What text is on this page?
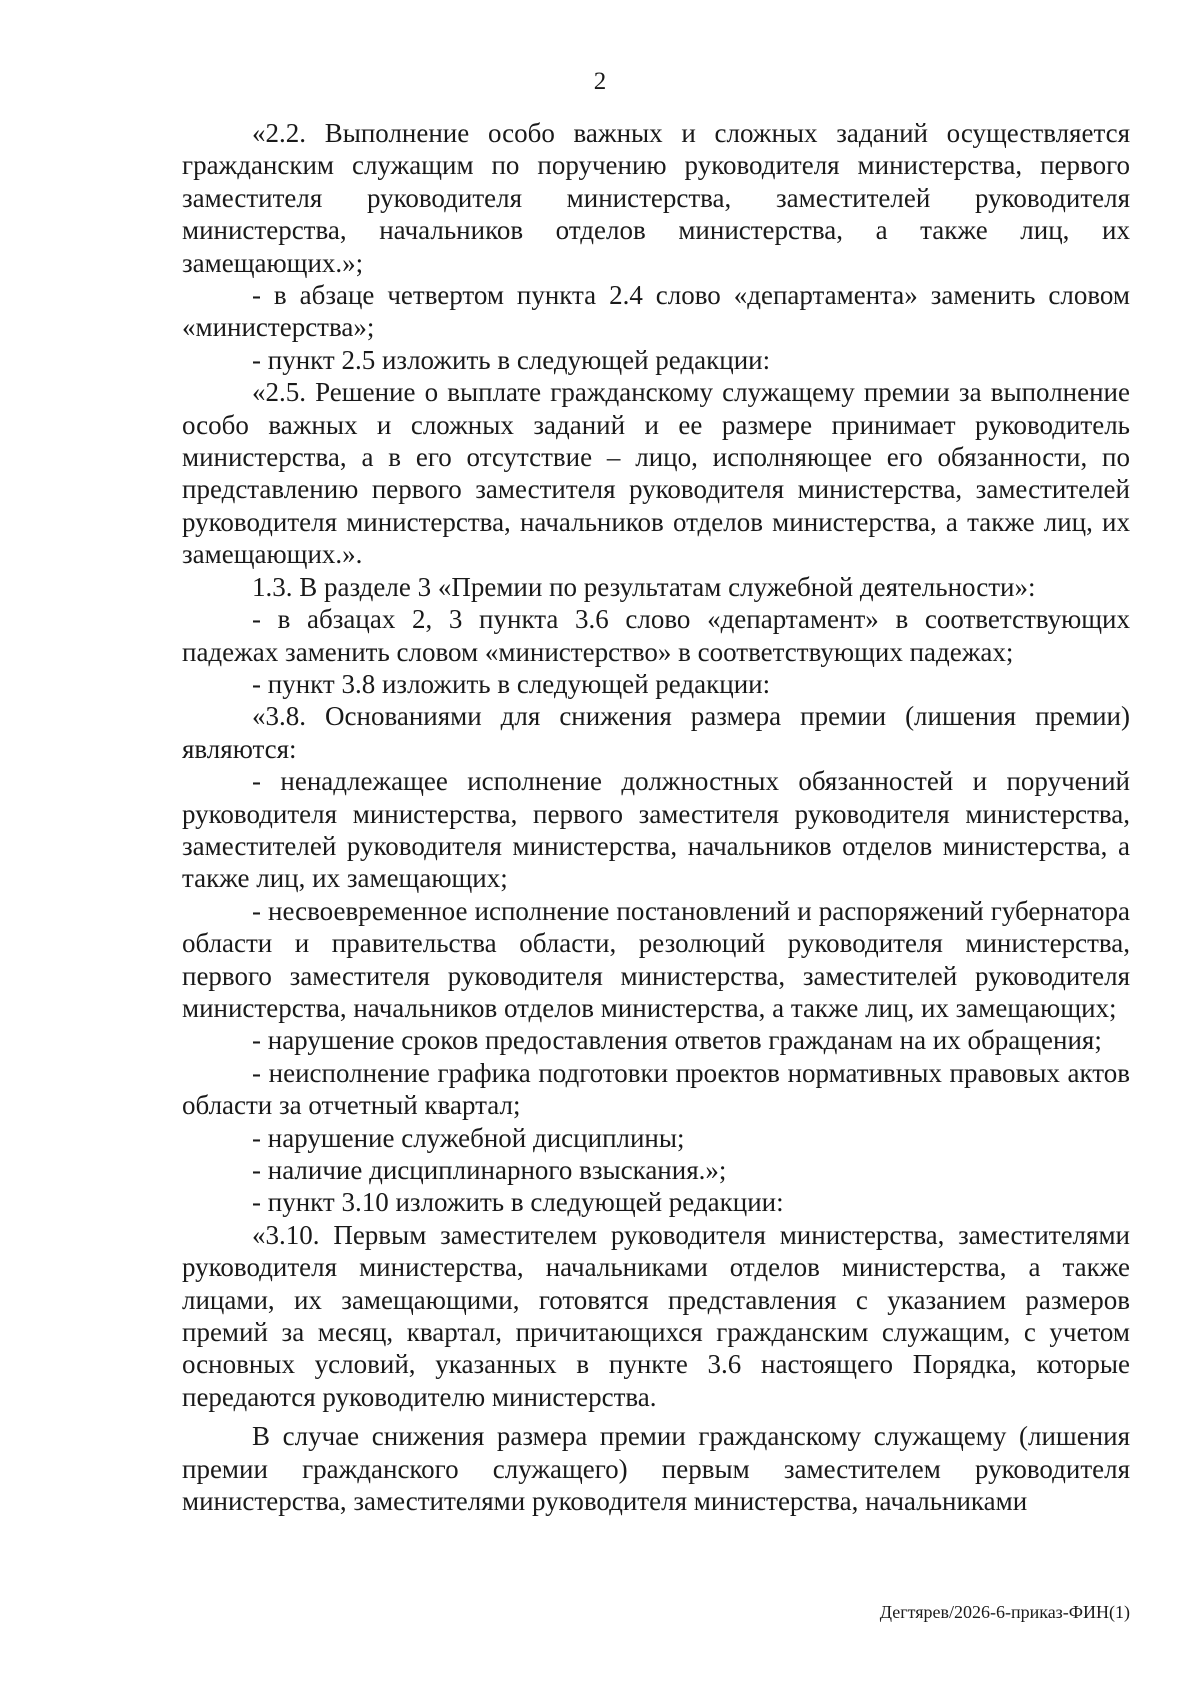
2

«2.2. Выполнение особо важных и сложных заданий осуществляется гражданским служащим по поручению руководителя министерства, первого заместителя руководителя министерства, заместителей руководителя министерства, начальников отделов министерства, а также лиц, их замещающих.»;

- в абзаце четвертом пункта 2.4 слово «департамента» заменить словом «министерства»;

- пункт 2.5 изложить в следующей редакции:

«2.5. Решение о выплате гражданскому служащему премии за выполнение особо важных и сложных заданий и ее размере принимает руководитель министерства, а в его отсутствие – лицо, исполняющее его обязанности, по представлению первого заместителя руководителя министерства, заместителей руководителя министерства, начальников отделов министерства, а также лиц, их замещающих.».

1.3. В разделе 3 «Премии по результатам служебной деятельности»:

- в абзацах 2, 3 пункта 3.6 слово «департамент» в соответствующих падежах заменить словом «министерство» в соответствующих падежах;

- пункт 3.8 изложить в следующей редакции:

«3.8. Основаниями для снижения размера премии (лишения премии) являются:

- ненадлежащее исполнение должностных обязанностей и поручений руководителя министерства, первого заместителя руководителя министерства, заместителей руководителя министерства, начальников отделов министерства, а также лиц, их замещающих;

- несвоевременное исполнение постановлений и распоряжений губернатора области и правительства области, резолюций руководителя министерства, первого заместителя руководителя министерства, заместителей руководителя министерства, начальников отделов министерства, а также лиц, их замещающих;

- нарушение сроков предоставления ответов гражданам на их обращения;

- неисполнение графика подготовки проектов нормативных правовых актов области за отчетный квартал;

- нарушение служебной дисциплины;

- наличие дисциплинарного взыскания.»;

- пункт 3.10 изложить в следующей редакции:

«3.10. Первым заместителем руководителя министерства, заместителями руководителя министерства, начальниками отделов министерства, а также лицами, их замещающими, готовятся представления с указанием размеров премий за месяц, квартал, причитающихся гражданским служащим, с учетом основных условий, указанных в пункте 3.6 настоящего Порядка, которые передаются руководителю министерства.

В случае снижения размера премии гражданскому служащему (лишения премии гражданского служащего) первым заместителем руководителя министерства, заместителями руководителя министерства, начальниками

Дегтярев/2026-6-приказ-ФИН(1)
